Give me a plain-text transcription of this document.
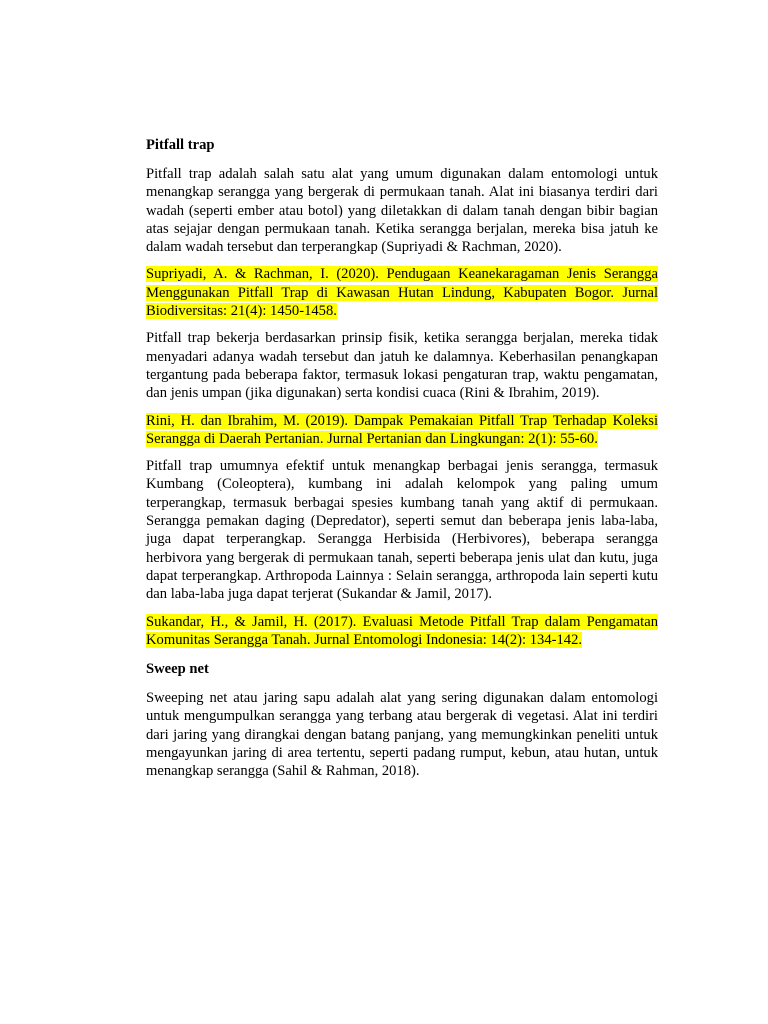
Pitfall trap

Pitfall trap adalah salah satu alat yang umum digunakan dalam entomologi untuk menangkap serangga yang bergerak di permukaan tanah. Alat ini biasanya terdiri dari wadah (seperti ember atau botol) yang diletakkan di dalam tanah dengan bibir bagian atas sejajar dengan permukaan tanah. Ketika serangga berjalan, mereka bisa jatuh ke dalam wadah tersebut dan terperangkap (Supriyadi & Rachman, 2020).

Supriyadi, A. & Rachman, I. (2020). Pendugaan Keanekaragaman Jenis Serangga Menggunakan Pitfall Trap di Kawasan Hutan Lindung, Kabupaten Bogor. Jurnal Biodiversitas: 21(4): 1450-1458.

Pitfall trap bekerja berdasarkan prinsip fisik, ketika serangga berjalan, mereka tidak menyadari adanya wadah tersebut dan jatuh ke dalamnya. Keberhasilan penangkapan tergantung pada beberapa faktor, termasuk lokasi pengaturan trap, waktu pengamatan, dan jenis umpan (jika digunakan) serta kondisi cuaca (Rini & Ibrahim, 2019).

Rini, H. dan Ibrahim, M. (2019). Dampak Pemakaian Pitfall Trap Terhadap Koleksi Serangga di Daerah Pertanian. Jurnal Pertanian dan Lingkungan: 2(1): 55-60.

Pitfall trap umumnya efektif untuk menangkap berbagai jenis serangga, termasuk Kumbang (Coleoptera), kumbang ini adalah kelompok yang paling umum terperangkap, termasuk berbagai spesies kumbang tanah yang aktif di permukaan. Serangga pemakan daging (Depredator), seperti semut dan beberapa jenis laba-laba, juga dapat terperangkap. Serangga Herbisida (Herbivores), beberapa serangga herbivora yang bergerak di permukaan tanah, seperti beberapa jenis ulat dan kutu, juga dapat terperangkap. Arthropoda Lainnya : Selain serangga, arthropoda lain seperti kutu dan laba-laba juga dapat terjerat (Sukandar & Jamil, 2017).

Sukandar, H., & Jamil, H. (2017). Evaluasi Metode Pitfall Trap dalam Pengamatan Komunitas Serangga Tanah. Jurnal Entomologi Indonesia: 14(2): 134-142.

Sweep net

Sweeping net atau jaring sapu adalah alat yang sering digunakan dalam entomologi untuk mengumpulkan serangga yang terbang atau bergerak di vegetasi. Alat ini terdiri dari jaring yang dirangkai dengan batang panjang, yang memungkinkan peneliti untuk mengayunkan jaring di area tertentu, seperti padang rumput, kebun, atau hutan, untuk menangkap serangga (Sahil & Rahman, 2018).
